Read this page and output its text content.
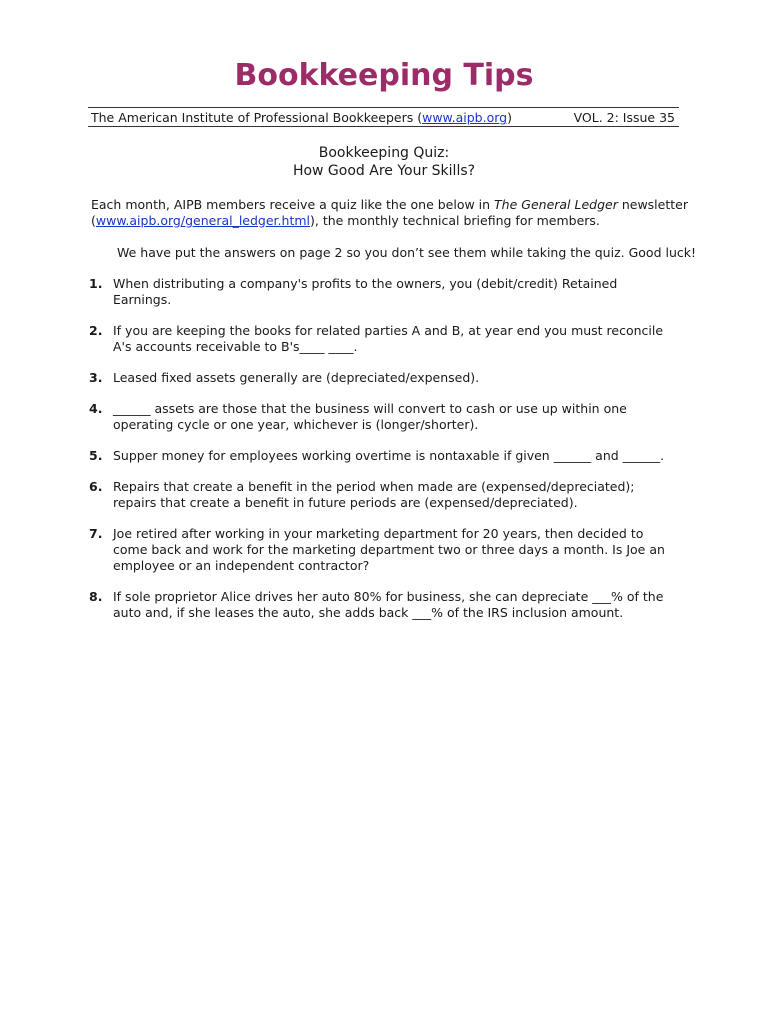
Bookkeeping Tips
The American Institute of Professional Bookkeepers (www.aipb.org)	VOL. 2: Issue 35
Bookkeeping Quiz:
How Good Are Your Skills?

Each month, AIPB members receive a quiz like the one below in The General Ledger newsletter (www.aipb.org/general_ledger.html), the monthly technical briefing for members.

We have put the answers on page 2 so you don’t see them while taking the quiz. Good luck!

1. When distributing a company's profits to the owners, you (debit/credit) Retained Earnings.
2. If you are keeping the books for related parties A and B, at year end you must reconcile A's accounts receivable to B's____ ____.
3. Leased fixed assets generally are (depreciated/expensed).
4. ______ assets are those that the business will convert to cash or use up within one operating cycle or one year, whichever is (longer/shorter).
5. Supper money for employees working overtime is nontaxable if given ______ and ______.
6. Repairs that create a benefit in the period when made are (expensed/depreciated); repairs that create a benefit in future periods are (expensed/depreciated).
7. Joe retired after working in your marketing department for 20 years, then decided to come back and work for the marketing department two or three days a month. Is Joe an employee or an independent contractor?
8. If sole proprietor Alice drives her auto 80% for business, she can depreciate ___% of the auto and, if she leases the auto, she adds back ___% of the IRS inclusion amount.
